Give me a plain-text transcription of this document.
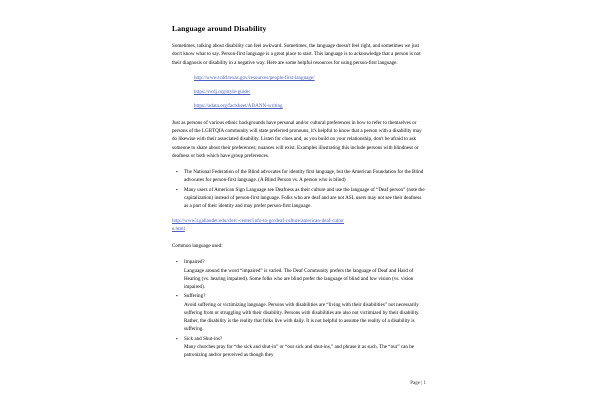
Language around Disability

Sometimes, talking about disability can feel awkward. Sometimes, the language doesn't feel right, and sometimes we just don't know what to say. Person-first language is a great place to start. This language is to acknowledge that a person is not their diagnosis or disability in a negative way. Here are some helpful resources for using person-first language.

http://www.tcdd.texas.gov/resources/people-first-language/
https://ncdj.org/style-guide/
https://adata.org/factsheet/ADANN-writing

Just as persons of various ethnic backgrounds have personal and/or cultural preferences in how to refer to themselves or persons of the LGBTQIA community will state preferred pronouns, it's helpful to know that a person with a disability may do likewise with their associated disability. Listen for clues and, as you build on your relationship, don't be afraid to ask someone to share about their preferences; nuances will exist. Examples illustrating this include persons with blindness or deafness or both which have group preferences.

▪ The National Federation of the Blind advocates for identity first language, but the American Foundation for the Blind advocates for person-first language. (A Blind Person vs. A person who is blind)
▪ Many users of American Sign Language see Deafness as their culture and use the language of “Deaf person” (note the capitalization) instead of person-first language. Folks who are deaf and are not ASL users may not see their deafness as a part of their identity and may prefer person-first language.
http://www3.gallaudet.edu/clerc-center/info-to-go/deaf-culture/american-deaf-culture.html

Common language used:

▪ Impaired?
Language around the word “impaired” is varied. The Deaf Community prefers the language of Deaf and Hard of Hearing (vs. hearing impaired). Some folks who are blind prefer the language of blind and low vision (vs. vision impaired).
▪ Suffering?
Avoid suffering or victimizing language. Persons with disabilities are “living with their disabilities” not necessarily suffering from or struggling with their disability. Persons with disabilities are also not victimized by their disability. Rather, the disability is the reality that folks live with daily. It is not helpful to assume the reality of a disability is suffering.
▪ Sick and Shut-ins?
Many churches pray for “the sick and shut-in” or “our sick and shut-ins,” and phrase it as such. The “our” can be patronizing and/or perceived as though they
Page | 1
